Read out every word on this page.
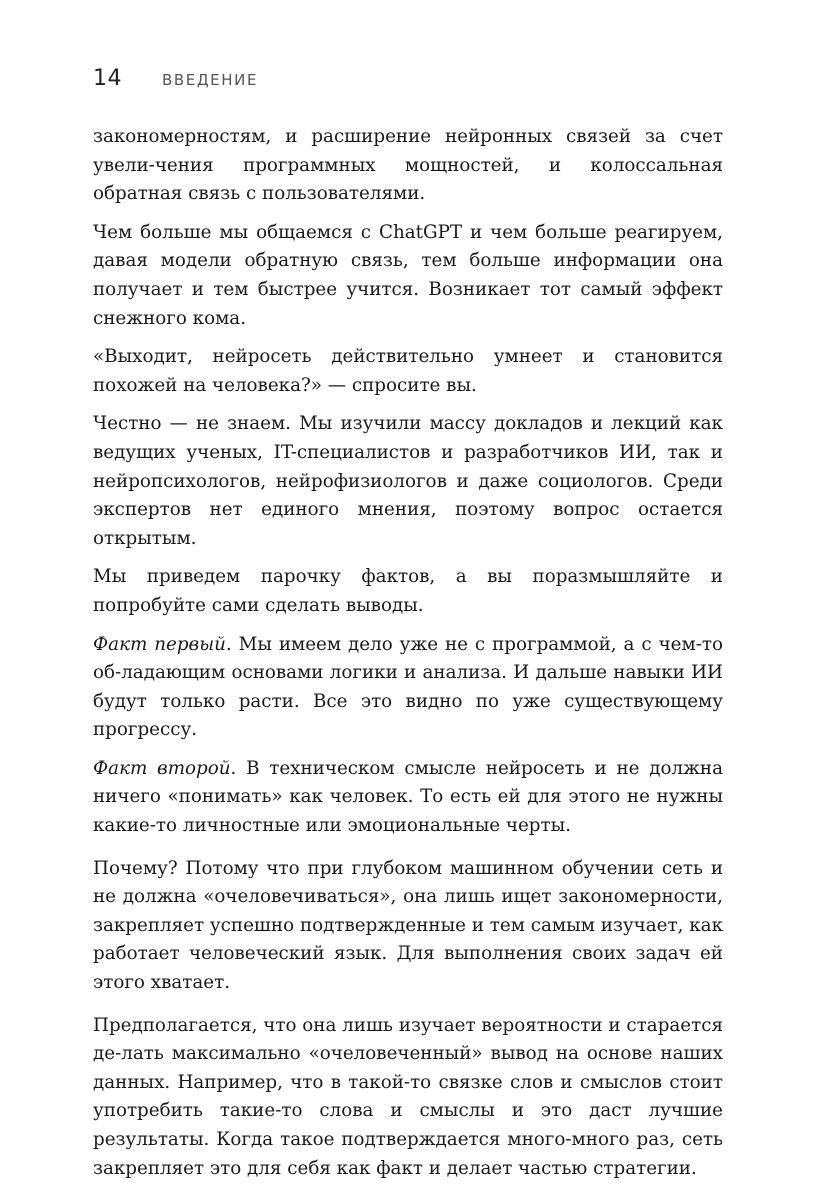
14	ВВЕДЕНИЕ

закономерностям, и расширение нейронных связей за счет увели-чения программных мощностей, и колоссальная обратная связь с пользователями.

Чем больше мы общаемся с ChatGPT и чем больше реагируем, давая модели обратную связь, тем больше информации она получает и тем быстрее учится. Возникает тот самый эффект снежного кома.

«Выходит, нейросеть действительно умнеет и становится похожей на человека?» — спросите вы.

Честно — не знаем. Мы изучили массу докладов и лекций как ведущих ученых, IT-специалистов и разработчиков ИИ, так и нейропсихологов, нейрофизиологов и даже социологов. Среди экспертов нет единого мнения, поэтому вопрос остается открытым.

Мы приведем парочку фактов, а вы поразмышляйте и попробуйте сами сделать выводы.

Факт первый. Мы имеем дело уже не с программой, а с чем-то об-ладающим основами логики и анализа. И дальше навыки ИИ будут только расти. Все это видно по уже существующему прогрессу.

Факт второй. В техническом смысле нейросеть и не должна ничего «понимать» как человек. То есть ей для этого не нужны какие-то личностные или эмоциональные черты.

Почему? Потому что при глубоком машинном обучении сеть и не должна «очеловечиваться», она лишь ищет закономерности, закрепляет успешно подтвержденные и тем самым изучает, как работает человеческий язык. Для выполнения своих задач ей этого хватает.

Предполагается, что она лишь изучает вероятности и старается де-лать максимально «очеловеченный» вывод на основе наших данных. Например, что в такой-то связке слов и смыслов стоит употребить такие-то слова и смыслы и это даст лучшие результаты. Когда такое подтверждается много-много раз, сеть закрепляет это для себя как факт и делает частью стратегии.
